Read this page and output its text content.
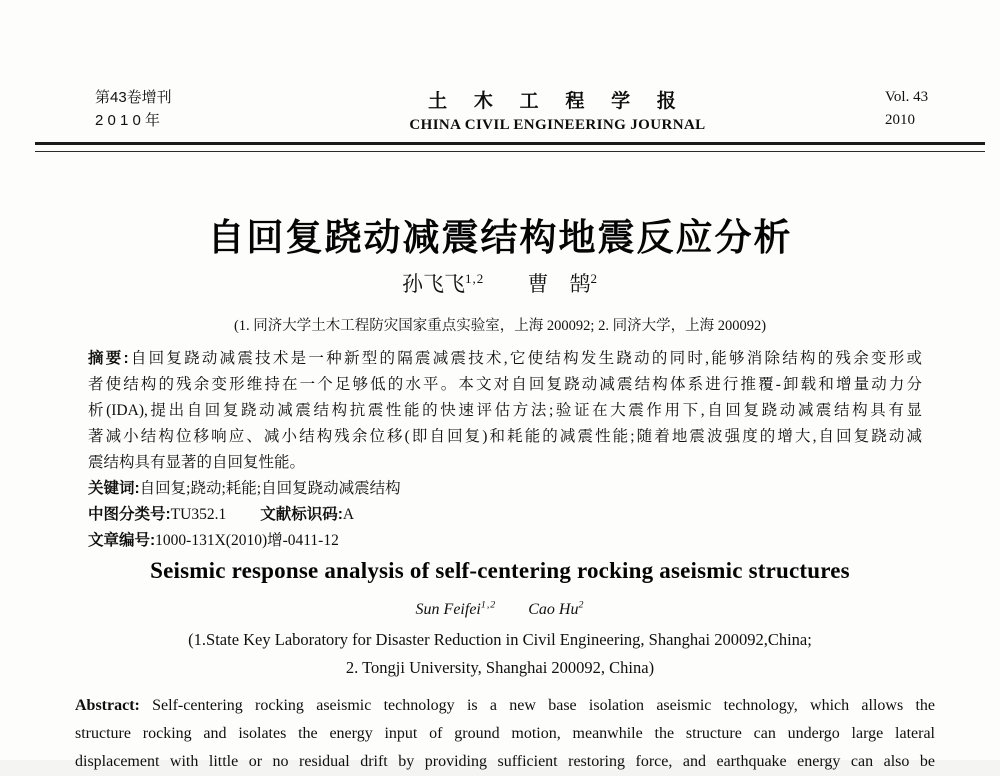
第43卷增刊
2 0 1 0 年
土 木 工 程 学 报
CHINA CIVIL ENGINEERING JOURNAL
Vol. 43
2010
自回复跷动减震结构地震反应分析
孙飞飞$^{1,2}$ 曹　鹄$^2$
(1. 同济大学土木工程防灾国家重点实验室，上海 200092; 2. 同济大学，上海 200092)
摘要:自回复跷动减震技术是一种新型的隔震减震技术,它使结构发生跷动的同时,能够消除结构的残余变形或
者使结构的残余变形维持在一个足够低的水平。本文对自回复跷动减震结构体系进行推覆-卸载和增量动力分
析(IDA),提出自回复跷动减震结构抗震性能的快速评估方法;验证在大震作用下,自回复跷动减震结构具有显
著减小结构位移响应、减小结构残余位移(即自回复)和耗能的减震性能;随着地震波强度的增大,自回复跷动减
震结构具有显著的自回复性能。
关键词:自回复;跷动;耗能;自回复跷动减震结构
中图分类号:TU352.1 文献标识码:A
文章编号:1000-131X(2010)增-0411-12
Seismic response analysis of self-centering rocking aseismic structures
Sun Feifei$^{1,2}$ Cao Hu$^2$
(1.State Key Laboratory for Disaster Reduction in Civil Engineering, Shanghai 200092,China;
2. Tongji University, Shanghai 200092, China)
Abstract: Self-centering rocking aseismic technology is a new base isolation aseismic technology, which allows the
structure rocking and isolates the energy input of ground motion, meanwhile the structure can undergo large lateral
displacement with little or no residual drift by providing sufficient restoring force, and earthquake energy can also be
